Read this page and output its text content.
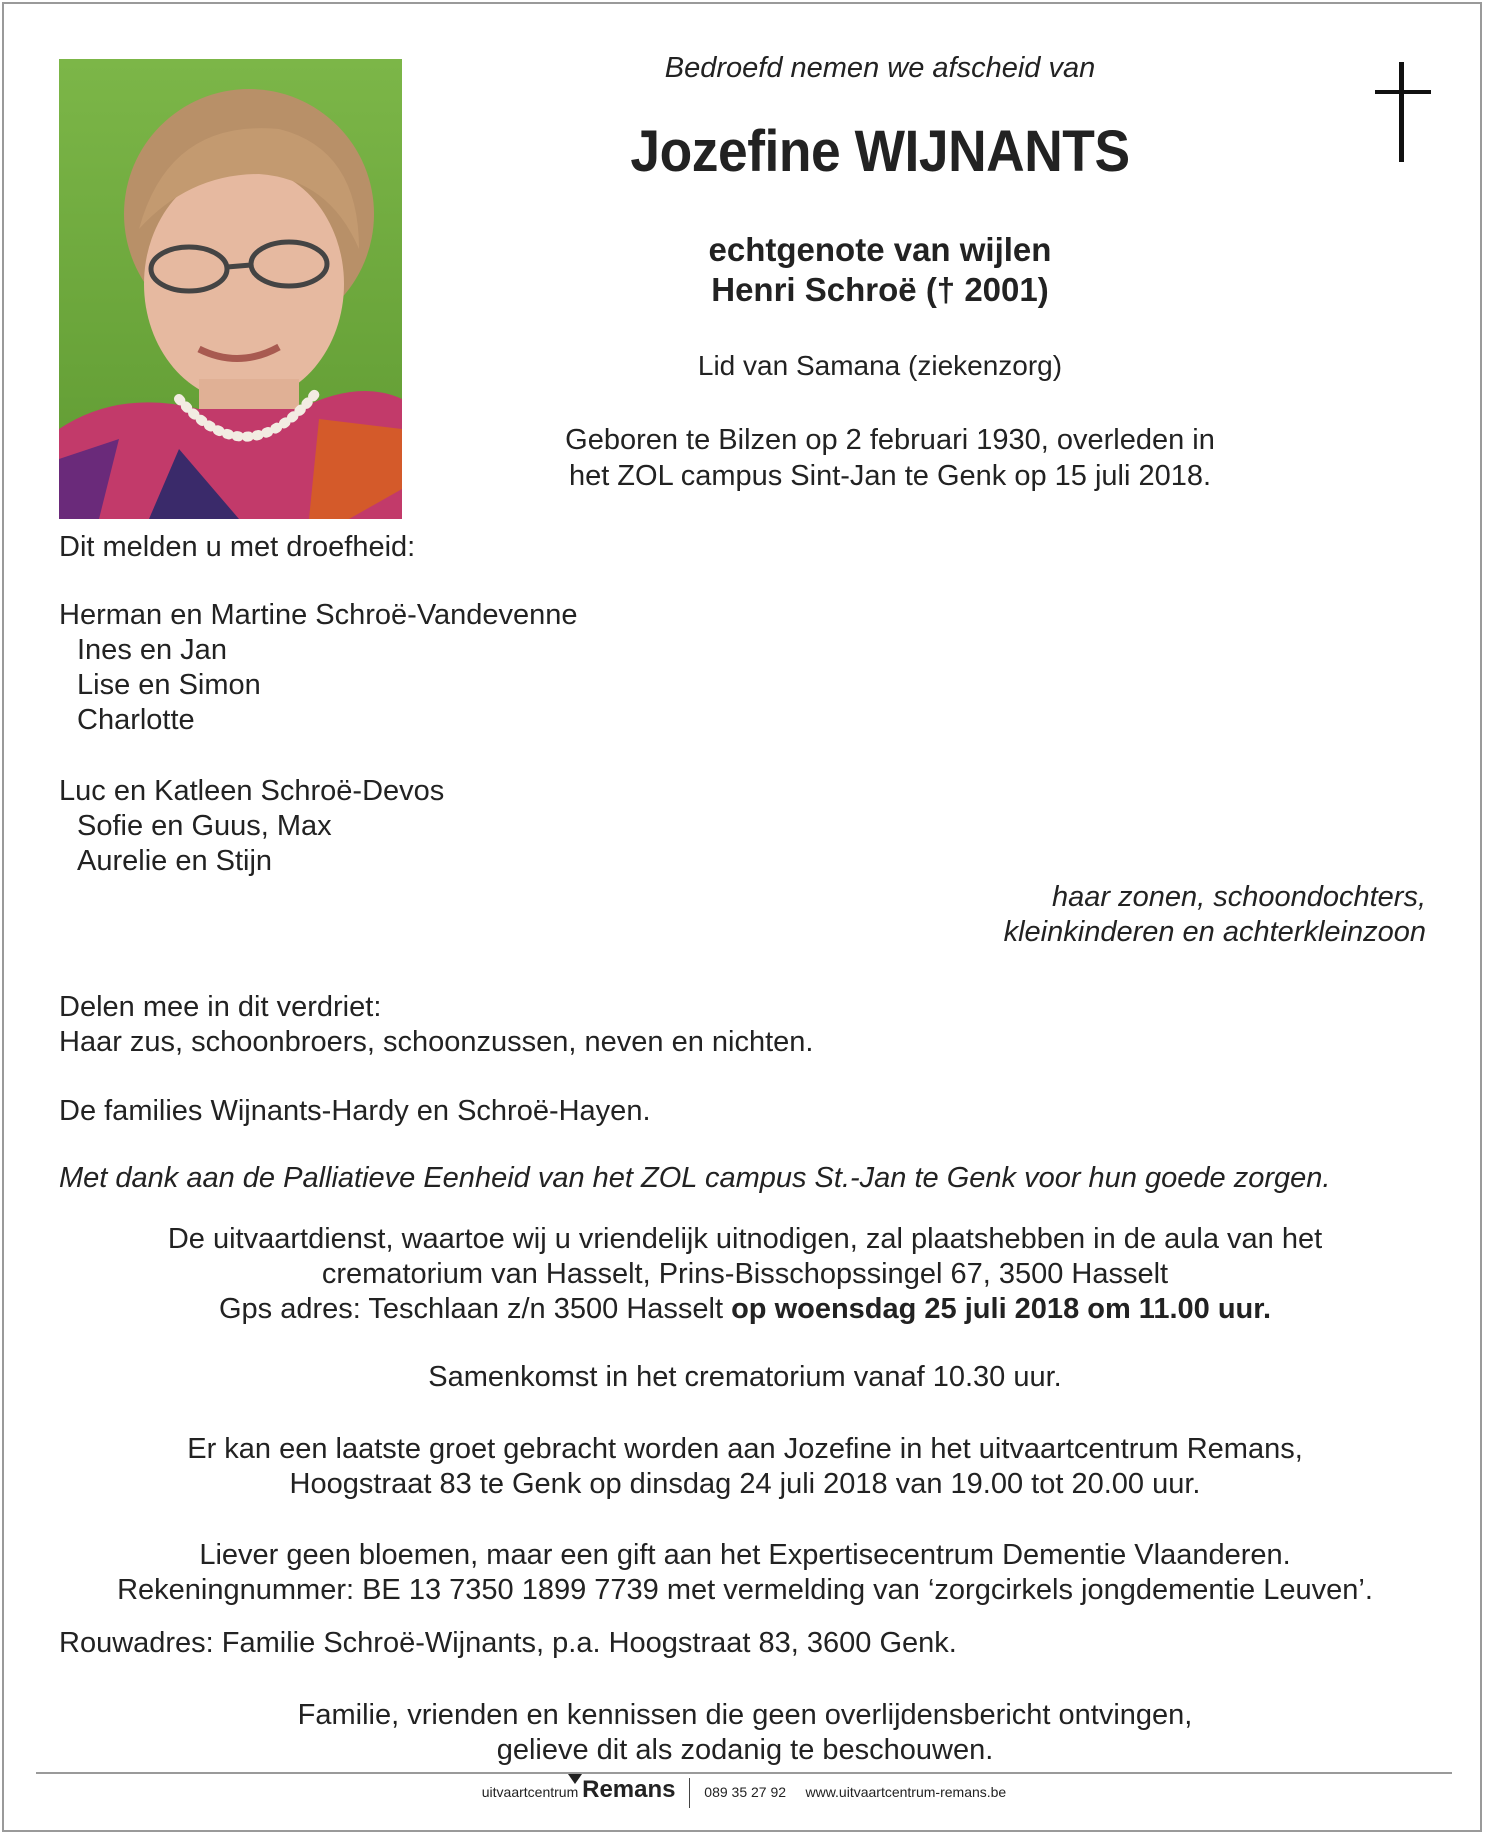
Bedroefd nemen we afscheid van
Jozefine WIJNANTS
echtgenote van wijlen
Henri Schroë († 2001)
Lid van Samana (ziekenzorg)
Geboren te Bilzen op 2 februari 1930, overleden in
het ZOL campus Sint-Jan te Genk op 15 juli 2018.
Dit melden u met droefheid:
Herman en Martine Schroë-Vandevenne
Ines en Jan
Lise en Simon
Charlotte
Luc en Katleen Schroë-Devos
Sofie en Guus, Max
Aurelie en Stijn
haar zonen, schoondochters,
kleinkinderen en achterkleinzoon
Delen mee in dit verdriet:
Haar zus, schoonbroers, schoonzussen, neven en nichten.
De families Wijnants-Hardy en Schroë-Hayen.
Met dank aan de Palliatieve Eenheid van het ZOL campus St.-Jan te Genk voor hun goede zorgen.
De uitvaartdienst, waartoe wij u vriendelijk uitnodigen, zal plaatshebben in de aula van het
crematorium van Hasselt, Prins-Bisschopssingel 67, 3500 Hasselt
Gps adres: Teschlaan z/n 3500 Hasselt op woensdag 25 juli 2018 om 11.00 uur.
Samenkomst in het crematorium vanaf 10.30 uur.
Er kan een laatste groet gebracht worden aan Jozefine in het uitvaartcentrum Remans,
Hoogstraat 83 te Genk op dinsdag 24 juli 2018 van 19.00 tot 20.00 uur.
Liever geen bloemen, maar een gift aan het Expertisecentrum Dementie Vlaanderen.
Rekeningnummer: BE 13 7350 1899 7739 met vermelding van ‘zorgcirkels jongdementie Leuven’.
Rouwadres: Familie Schroë-Wijnants, p.a. Hoogstraat 83, 3600 Genk.
Familie, vrienden en kennissen die geen overlijdensbericht ontvingen,
gelieve dit als zodanig te beschouwen.
uitvaartcentrum Remans 089 35 27 92 www.uitvaartcentrum-remans.be
